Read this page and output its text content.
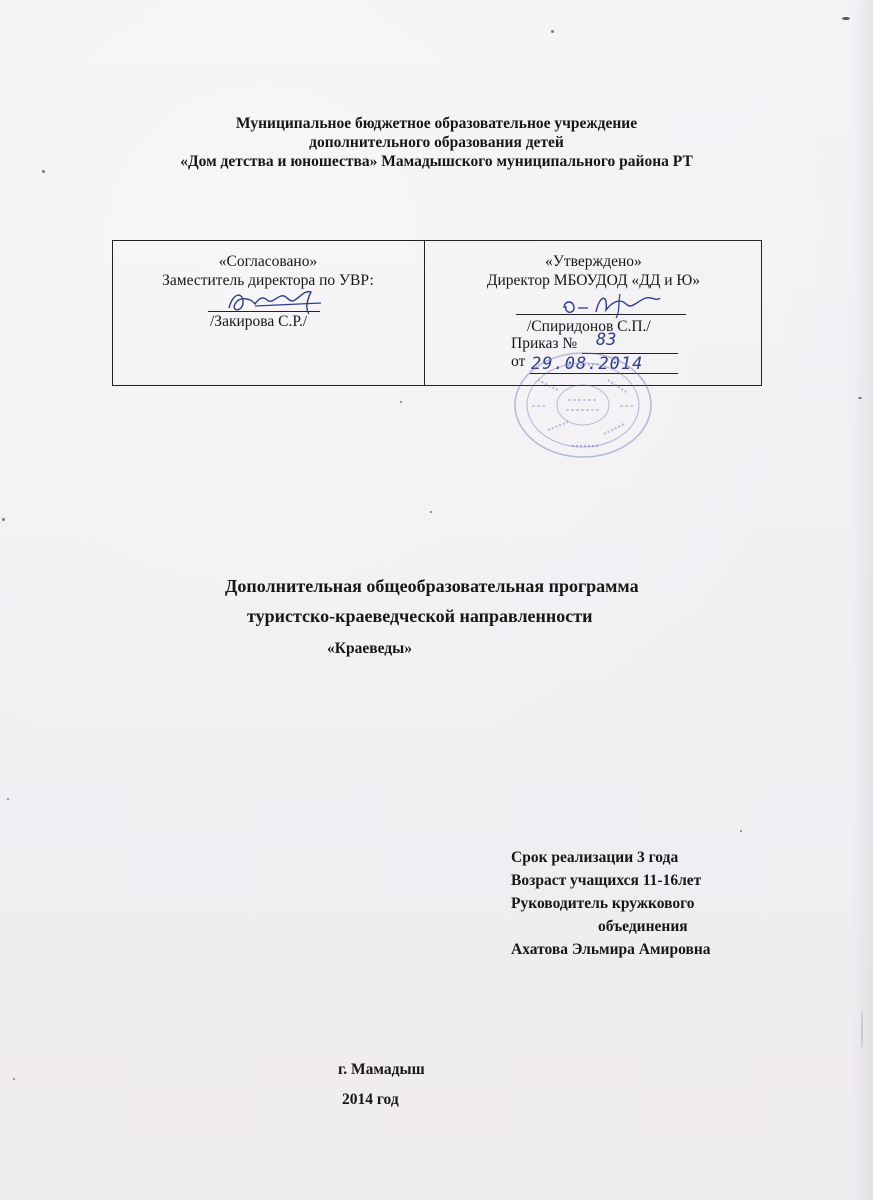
Муниципальное бюджетное образовательное учреждение
дополнительного образования детей
«Дом детства и юношества» Мамадышского муниципального района РТ
«Согласовано»
Заместитель директора по УВР:
/Закирова С.Р./
«Утверждено»
Директор МБОУДОД «ДД и Ю»
/Спиридонов С.П./
Приказ № 83
от 29.08.2014
Дополнительная общеобразовательная программа
туристско-краеведческой направленности
«Краеведы»
Срок реализации 3 года
Возраст учащихся 11-16лет
Руководитель кружкового
объединения
Ахатова Эльмира Амировна
г. Мамадыш
2014 год
